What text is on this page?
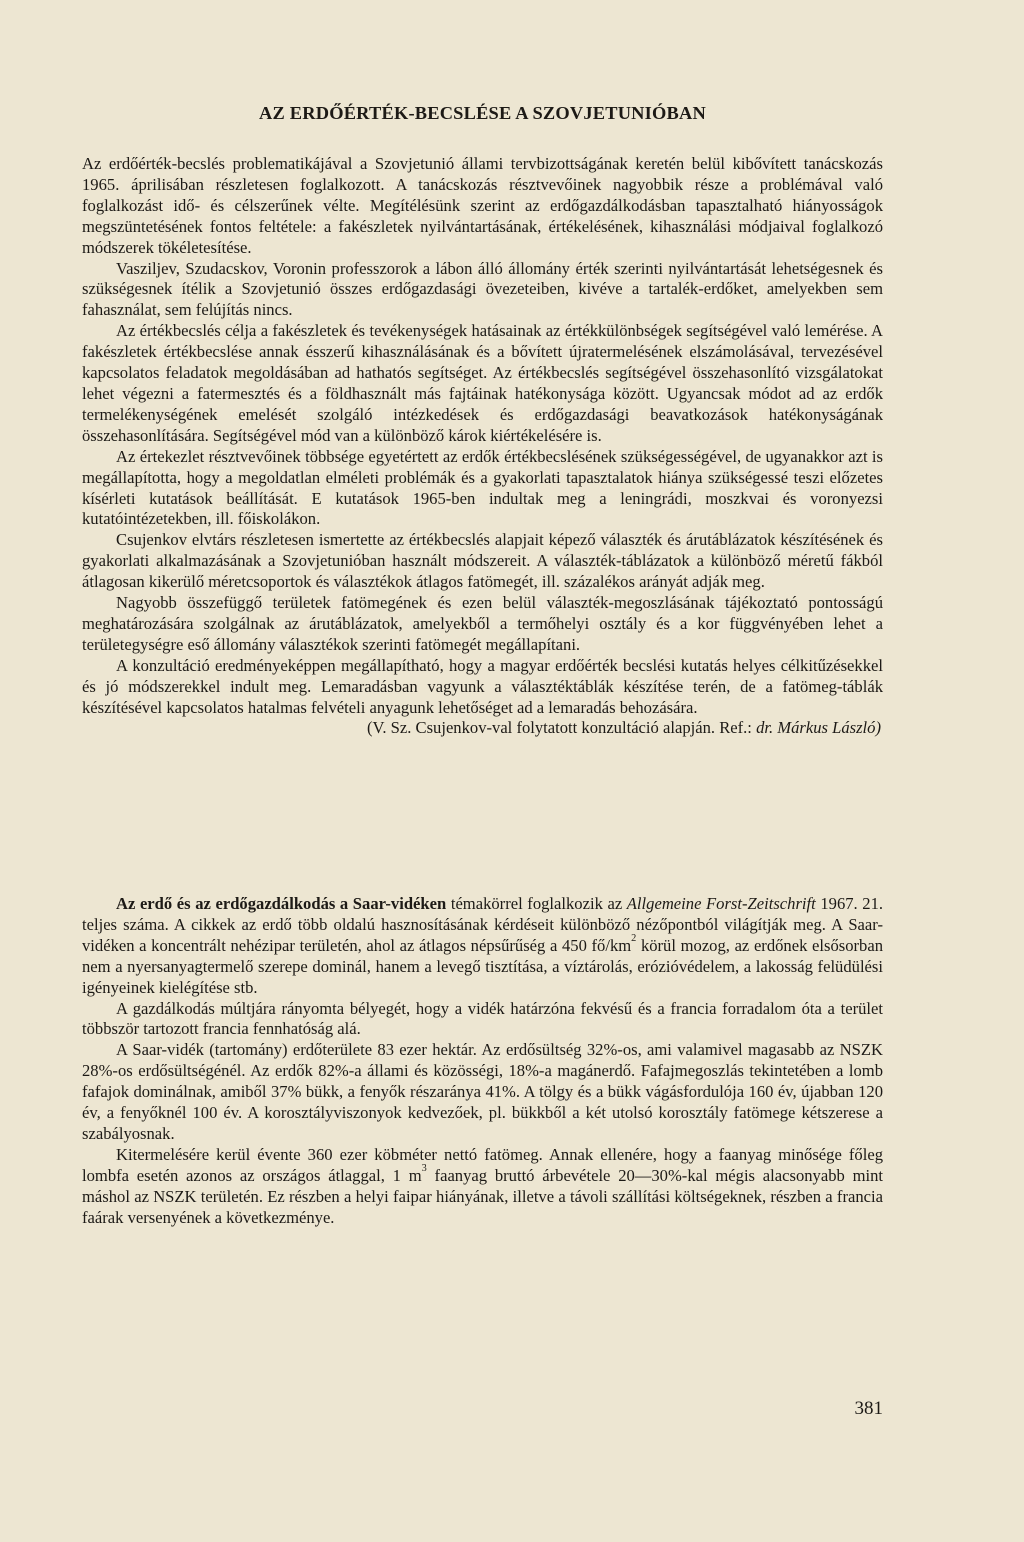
AZ ERDŐÉRTÉK-BECSLÉSE A SZOVJETUNIÓBAN

Az erdőérték-becslés problematikájával a Szovjetunió állami tervbizottságának keretén belül kibővített tanácskozás 1965. áprilisában részletesen foglalkozott. A tanácskozás résztvevőinek nagyobbik része a problémával való foglalkozást idő- és célszerűnek vélte. Megítélésünk szerint az erdőgazdálkodásban tapasztalható hiányosságok megszüntetésének fontos feltétele: a fakészletek nyilvántartásának, értékelésének, kihasználási módjaival foglalkozó módszerek tökéletesítése.

Vasziljev, Szudacskov, Voronin professzorok a lábon álló állomány érték szerinti nyilvántartását lehetségesnek és szükségesnek ítélik a Szovjetunió összes erdőgazdasági övezeteiben, kivéve a tartalék-erdőket, amelyekben sem fahasználat, sem felújítás nincs.

Az értékbecslés célja a fakészletek és tevékenységek hatásainak az értékkülönbségek segítségével való lemérése. A fakészletek értékbecslése annak ésszerű kihasználásának és a bővített újratermelésének elszámolásával, tervezésével kapcsolatos feladatok megoldásában ad hathatós segítséget. Az értékbecslés segítségével összehasonlító vizsgálatokat lehet végezni a fatermesztés és a földhasznált más fajtáinak hatékonysága között. Ugyancsak módot ad az erdők termelékenységének emelését szolgáló intézkedések és erdőgazdasági beavatkozások hatékonyságának összehasonlítására. Segítségével mód van a különböző károk kiértékelésére is.

Az értekezlet résztvevőinek többsége egyetértett az erdők értékbecslésének szükségességével, de ugyanakkor azt is megállapította, hogy a megoldatlan elméleti problémák és a gyakorlati tapasztalatok hiánya szükségessé teszi előzetes kísérleti kutatások beállítását. E kutatások 1965-ben indultak meg a leningrádi, moszkvai és voronyezsi kutatóintézetekben, ill. főiskolákon.

Csujenkov elvtárs részletesen ismertette az értékbecslés alapjait képező választék és árutáblázatok készítésének és gyakorlati alkalmazásának a Szovjetunióban használt módszereit. A választék-táblázatok a különböző méretű fákból átlagosan kikerülő méretcsoportok és választékok átlagos fatömegét, ill. százalékos arányát adják meg.

Nagyobb összefüggő területek fatömegének és ezen belül választék-megoszlásának tájékoztató pontosságú meghatározására szolgálnak az árutáblázatok, amelyekből a termőhelyi osztály és a kor függvényében lehet a területegységre eső állomány választékok szerinti fatömegét megállapítani.

A konzultáció eredményeképpen megállapítható, hogy a magyar erdőérték becslési kutatás helyes célkitűzésekkel és jó módszerekkel indult meg. Lemaradásban vagyunk a választéktáblák készítése terén, de a fatömeg-táblák készítésével kapcsolatos hatalmas felvételi anyagunk lehetőséget ad a lemaradás behozására.

(V. Sz. Csujenkov-val folytatott konzultáció alapján. Ref.: dr. Márkus László)

Az erdő és az erdőgazdálkodás a Saar-vidéken témakörrel foglalkozik az Allgemeine Forst-Zeitschrift 1967. 21. teljes száma. A cikkek az erdő több oldalú hasznosításának kérdéseit különböző nézőpontból világítják meg. A Saar-vidéken a koncentrált nehézipar területén, ahol az átlagos népsűrűség a 450 $fő/km^2$ körül mozog, az erdőnek elsősorban nem a nyersanyagtermelő szerepe dominál, hanem a levegő tisztítása, a víztárolás, erózióvédelem, a lakosság felüdülési igényeinek kielégítése stb.

A gazdálkodás múltjára rányomta bélyegét, hogy a vidék határzóna fekvésű és a francia forradalom óta a terület többször tartozott francia fennhatóság alá.

A Saar-vidék (tartomány) erdőterülete 83 ezer hektár. Az erdősültség 32%-os, ami valamivel magasabb az NSZK 28%-os erdősültségénél. Az erdők 82%-a állami és közösségi, 18%-a magánerdő. Fafajmegoszlás tekintetében a lomb fafajok dominálnak, amiből 37% bükk, a fenyők részaránya 41%. A tölgy és a bükk vágásfordulója 160 év, újabban 120 év, a fenyőknél 100 év. A korosztályviszonyok kedvezőek, pl. bükkből a két utolsó korosztály fatömege kétszerese a szabályosnak.

Kitermelésére kerül évente 360 ezer köbméter nettó fatömeg. Annak ellenére, hogy a faanyag minősége főleg lombfa esetén azonos az országos átlaggal, 1 $m^3$ faanyag bruttó árbevétele 20—30%-kal mégis alacsonyabb mint máshol az NSZK területén. Ez részben a helyi faipar hiányának, illetve a távoli szállítási költségeknek, részben a francia faárak versenyének a következménye.

381
